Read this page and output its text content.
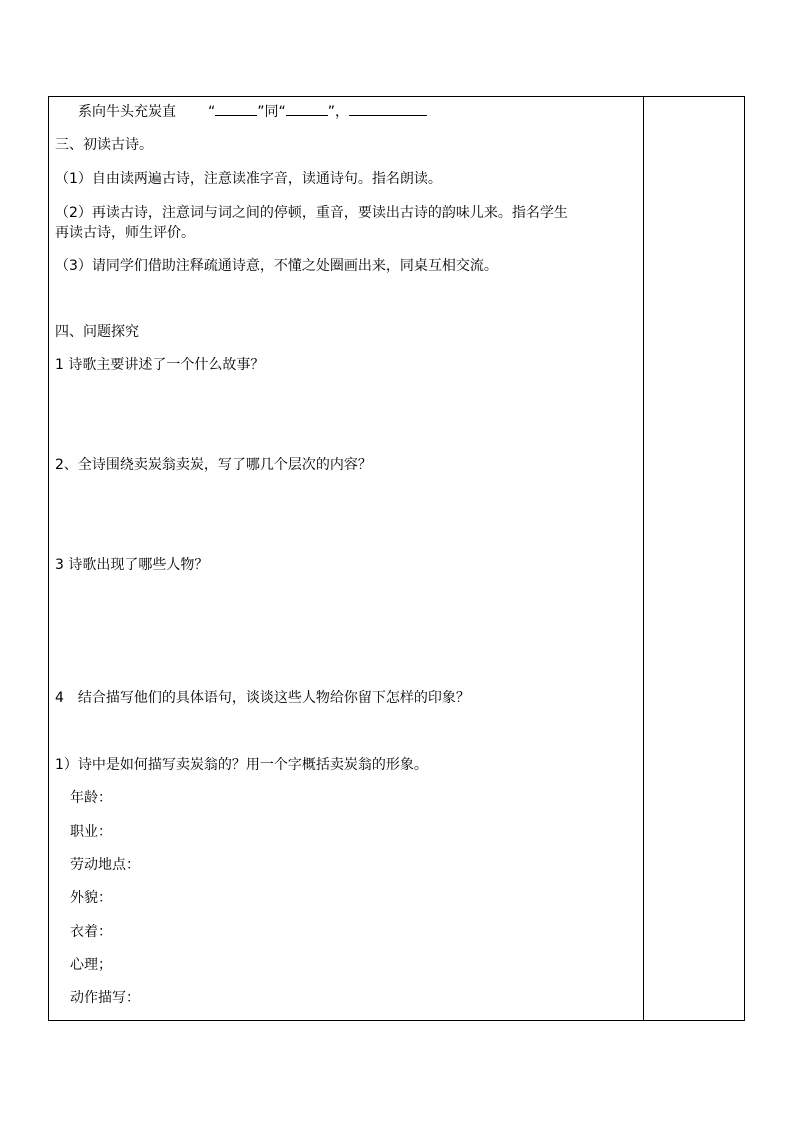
系向牛头充炭直 “	”同“	”，
三、初读古诗。
（1）自由读两遍古诗，注意读准字音，读通诗句。指名朗读。
（2）再读古诗，注意词与词之间的停顿，重音，要读出古诗的韵味儿来。指名学生
再读古诗，师生评价。
（3）请同学们借助注释疏通诗意，不懂之处圈画出来，同桌互相交流。
四、问题探究
1 诗歌主要讲述了一个什么故事？
2、全诗围绕卖炭翁卖炭，写了哪几个层次的内容？
3 诗歌出现了哪些人物？
4　结合描写他们的具体语句，谈谈这些人物给你留下怎样的印象？
1）诗中是如何描写卖炭翁的？用一个字概括卖炭翁的形象。
年龄：
职业：
劳动地点：
外貌：
衣着：
心理；
动作描写：
